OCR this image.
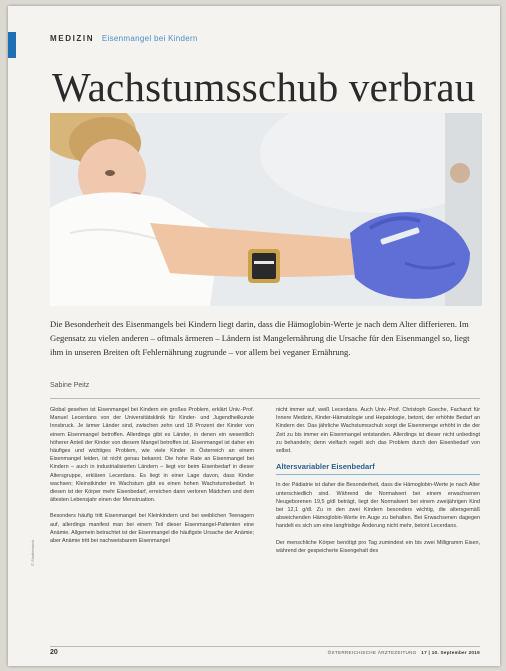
MEDIZIN Eisenmangel bei Kindern
Wachstumsschub verbrau
Die Besonderheit des Eisenmangels bei Kindern liegt darin, dass die Hämoglobin-Werte je nach dem Alter differieren. Im Gegensatz zu vielen anderen – oftmals ärmeren – Ländern ist Mangelernährung die Ursache für den Eisenmangel so, liegt ihm in unseren Breiten oft Fehlernährung zugrunde – vor allem bei veganer Ernährung.
Sabine Peitz

Global gesehen ist Eisenmangel bei Kindern ein großes Problem, erklärt Univ.-Prof. Manuel Lecerdans von der Universitätsklinik für Kinder- und Jugendheilkunde Innsbruck. Je ärmer Länder sind, zwischen zehn und 18 Prozent der Kinder von einem Eisenmangel betroffen. Allerdings gibt es Länder, in denen ein wesentlich höherer Anteil der Kinder von diesem Mangel betroffen ist. Eisenmangel ist daher ein häufiges und wichtiges Problem, wie viele Kinder in Österreich an einem Eisenmangel leiden, ist nicht genau bekannt. Die hohe Rate an Eisenmangel bei Kindern – auch in industrialisierten Ländern – liegt vor beim Eisenbedarf in dieser Altersgruppe, erklären Lecerdans. Es liegt in einer Lage davon, dass Kinder wachsen; Kleinstkinder im Wachstum gibt es einen hohen Wachstumsbedarf. In diesen ist der Körper mehr Eisenbedarf, erreichen dann verloren Mädchen und dem ältesten Lebensjahr einen der Menstruation.

Besonders häufig tritt Eisenmangel bei Kleinkindern und bei weiblichen Teenagern auf, allerdings manifest man bei einem Teil dieser Eisenmangel-Patienten eine Anämie. Allgemein betrachtet ist der Eisenmangel die häufigste Ursache der Anämie; aber Anämie tritt bei nachweisbarem Eisenmangel

nicht immer auf, weiß Lecerdans. Auch Univ.-Prof. Christoph Goeche, Facharzt für Innere Medizin, Kinder-Hämatologie und Hepatologie, betont, der erhöhte Bedarf an Kindern der. Das jährliche Wachstumsschub sorgt die Eisenmenge erhöht in die der Zeit zu bis immer ein Eisenmangel entstanden. Allerdings ist dieser nicht unbedingt zu behandeln; denn vielfach regelt sich das Problem durch den Eisenbedarf von selbst.

Altersvariabler Eisenbedarf

In der Pädiatrie ist daher die Besonderheit, dass die Hämoglobin-Werte je nach Alter unterschiedlich sind. Während die Normalwert bei einem erwachsenen Neugeborenen 19,5 g/dl beträgt, liegt der Normalwert bei einem zweijährigen Kind bei 12,1 g/dl. Zu in den zwei Kindern besonders wichtig, die altersgemäß abweichenden Hämoglobin-Werte im Auge zu behalten. Bei Erwachsenen dagegen handelt es sich um eine langfristige Änderung nicht mehr, betont Lecerdans.

Der menschliche Körper benötigt pro Tag zumindest ein bis zwei Milligramm Eisen, während der gespeicherte Eisengehalt des

© Shutterstock
20	ÖSTERREICHISCHE ÄRZTEZEITUNG 17 | 10. September 2019
